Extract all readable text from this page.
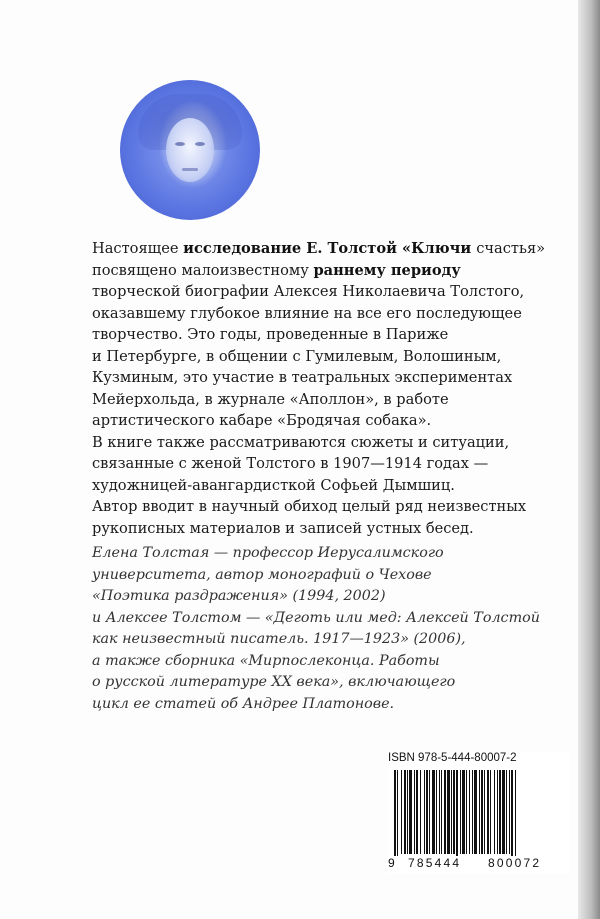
Настоящее исследование Е. Толстой «Ключи счастья»
посвящено малоизвестному раннему периоду
творческой биографии Алексея Николаевича Толстого,
оказавшему глубокое влияние на все его последующее
творчество. Это годы, проведенные в Париже
и Петербурге, в общении с Гумилевым, Волошиным,
Кузминым, это участие в театральных экспериментах
Мейерхольда, в журнале «Аполлон», в работе
артистического кабаре «Бродячая собака».
В книге также рассматриваются сюжеты и ситуации,
связанные с женой Толстого в 1907—1914 годах —
художницей-авангардисткой Софьей Дымшиц.
Автор вводит в научный обиход целый ряд неизвестных
рукописных материалов и записей устных бесед.
Елена Толстая — профессор Иерусалимского
университета, автор монографий о Чехове
«Поэтика раздражения» (1994, 2002)
и Алексее Толстом — «Деготь или мед: Алексей Толстой
как неизвестный писатель. 1917—1923» (2006),
а также сборника «Мирпослеконца. Работы
о русской литературе XX века», включающего
цикл ее статей об Андрее Платонове.
ISBN 978-5-444-80007-2
9 785444 800072
